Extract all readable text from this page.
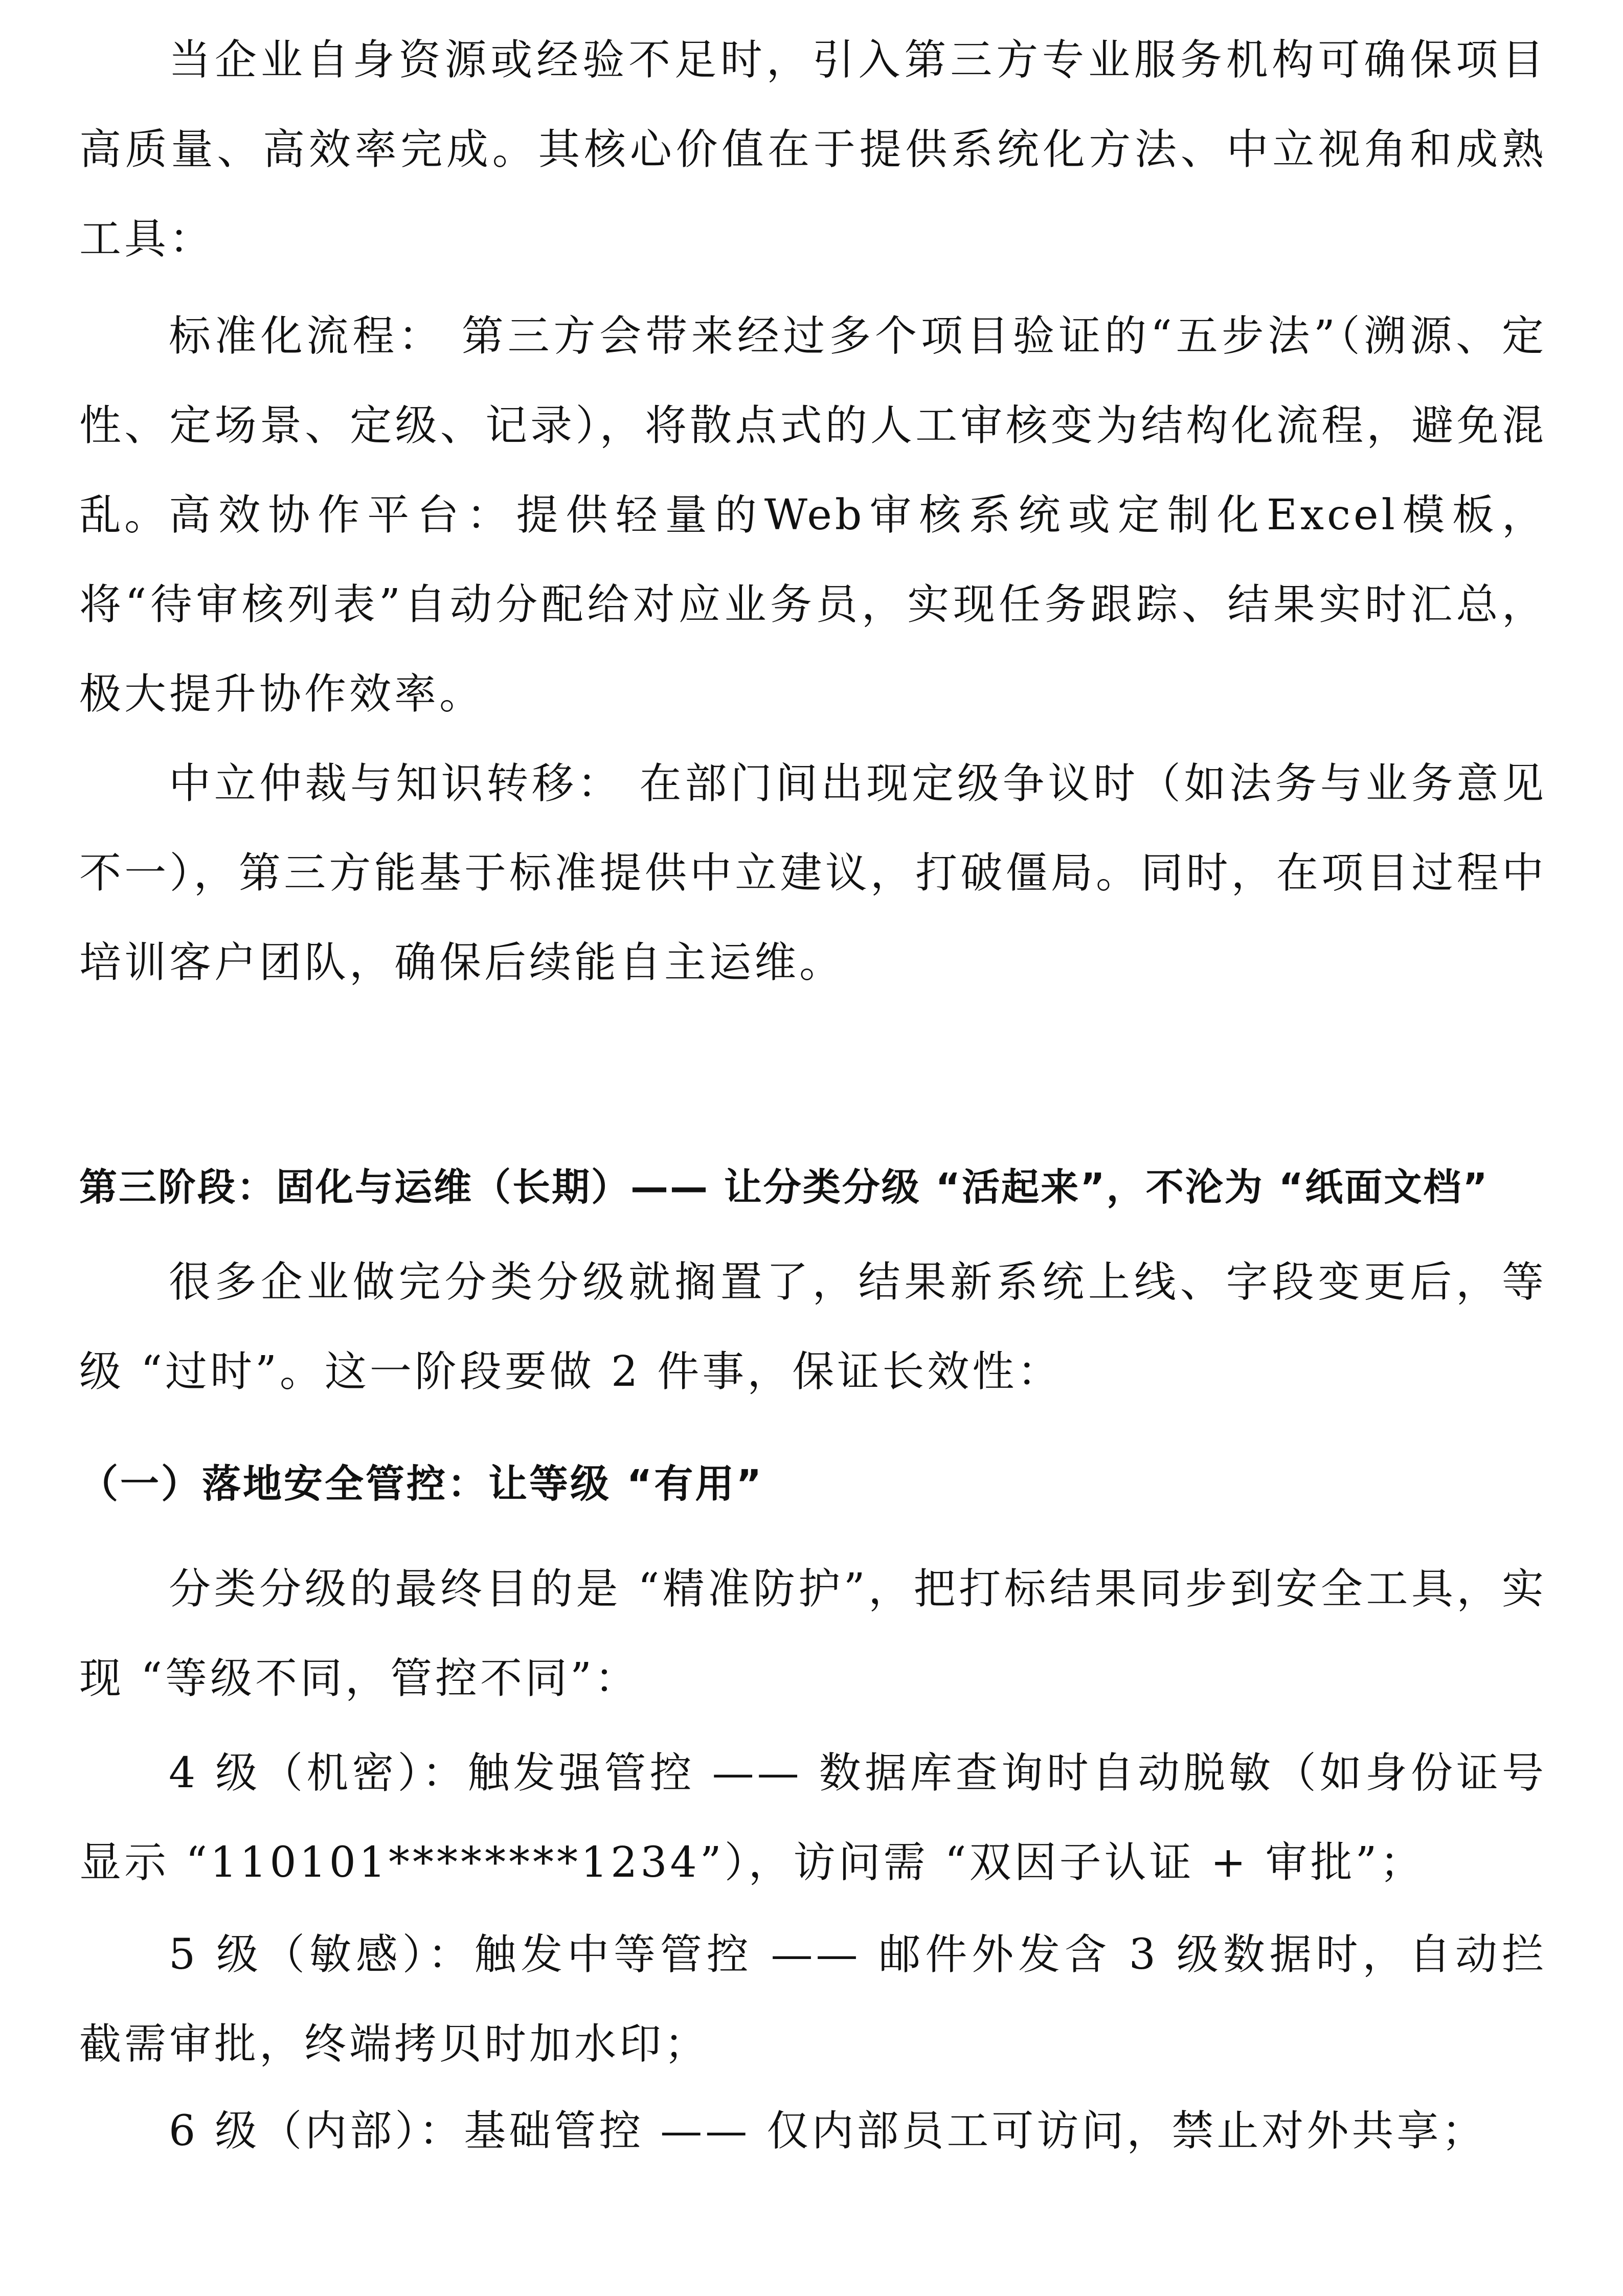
当企业自身资源或经验不足时，引入第三方专业服务机构可确保项目高质量、高效率完成。其核心价值在于提供系统化方法、中立视角和成熟工具：

标准化流程： 第三方会带来经过多个项目验证的“五步法”（溯源、定性、定场景、定级、记录），将散点式的人工审核变为结构化流程，避免混乱。

高效协作平台：提供轻量的Web审核系统或定制化Excel模板，将“待审核列表”自动分配给对应业务员，实现任务跟踪、结果实时汇总，极大提升协作效率。

中立仲裁与知识转移： 在部门间出现定级争议时（如法务与业务意见不一），第三方能基于标准提供中立建议，打破僵局。同时，在项目过程中培训客户团队，确保后续能自主运维。

第三阶段：固化与运维（长期）—— 让分类分级 “活起来”，不沦为 “纸面文档”

很多企业做完分类分级就搁置了，结果新系统上线、字段变更后，等级 “过时”。这一阶段要做 2 件事，保证长效性：

（一）落地安全管控：让等级 “有用”

分类分级的最终目的是 “精准防护”，把打标结果同步到安全工具，实现 “等级不同，管控不同”：

4 级（机密）：触发强管控 —— 数据库查询时自动脱敏（如身份证号显示 “110101********1234”），访问需 “双因子认证 + 审批”；

5 级（敏感）：触发中等管控 —— 邮件外发含 3 级数据时，自动拦截需审批，终端拷贝时加水印；

6 级（内部）：基础管控 —— 仅内部员工可访问，禁止对外共享；
